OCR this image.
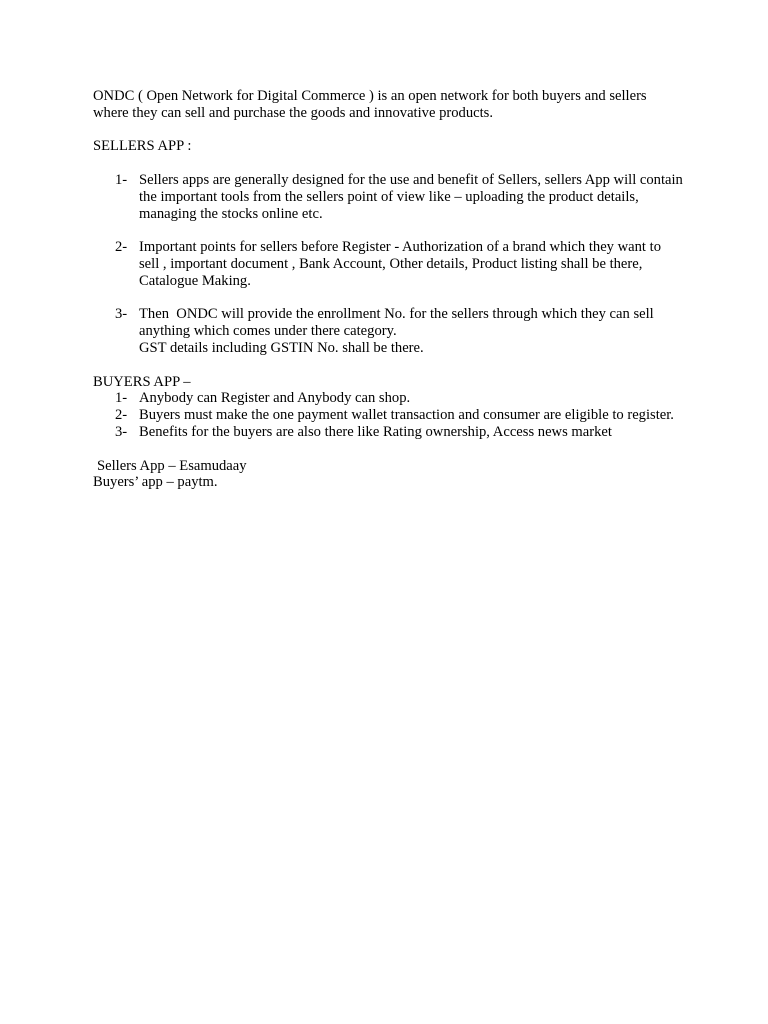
ONDC ( Open Network for Digital Commerce ) is an open network for both buyers and sellers where they can sell and purchase the goods and innovative products.

SELLERS APP :

1- Sellers apps are generally designed for the use and benefit of Sellers, sellers App will contain the important tools from the sellers point of view like – uploading the product details, managing the stocks online etc.
2- Important points for sellers before Register - Authorization of a brand which they want to sell , important document , Bank Account, Other details, Product listing shall be there, Catalogue Making.
3- Then  ONDC will provide the enrollment No. for the sellers through which they can sell anything which comes under there category.
GST details including GSTIN No. shall be there.

BUYERS APP –

1- Anybody can Register and Anybody can shop.
2- Buyers must make the one payment wallet transaction and consumer are eligible to register.
3- Benefits for the buyers are also there like Rating ownership, Access news market

Sellers App – Esamudaay

Buyers’ app – paytm.
